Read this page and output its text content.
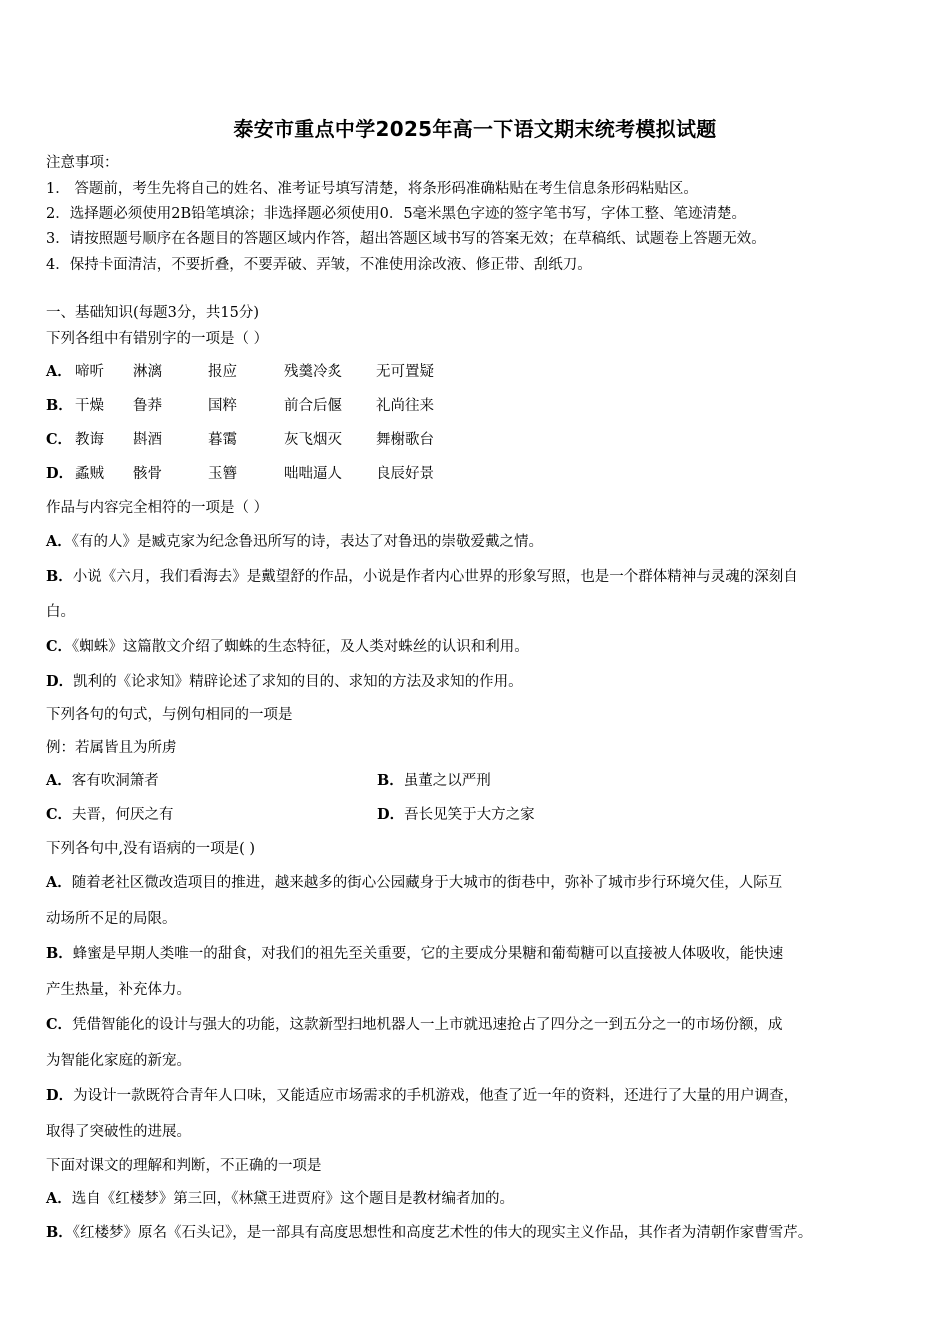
泰安市重点中学2025年高一下语文期末统考模拟试题
注意事项：
1． 答题前，考生先将自己的姓名、准考证号填写清楚，将条形码准确粘贴在考生信息条形码粘贴区。
2．选择题必须使用2B铅笔填涂；非选择题必须使用0．5毫米黑色字迹的签字笔书写，字体工整、笔迹清楚。
3．请按照题号顺序在各题目的答题区域内作答，超出答题区域书写的答案无效；在草稿纸、试题卷上答题无效。
4．保持卡面清洁，不要折叠，不要弄破、弄皱，不准使用涂改液、修正带、刮纸刀。
一、基础知识(每题3分，共15分)
下列各组中有错别字的一项是（ ）
A． 啼听 淋漓	报应	残羹冷炙 无可置疑
B． 干燥 鲁莽	国粹	前合后偃 礼尚往来
C． 教诲 斟酒	暮霭	灰飞烟灭 舞榭歌台
D． 蟊贼 骸骨	玉簪	咄咄逼人 良辰好景
作品与内容完全相符的一项是（ ）
A．《有的人》是臧克家为纪念鲁迅所写的诗，表达了对鲁迅的崇敬爱戴之情。
B．小说《六月，我们看海去》是戴望舒的作品，小说是作者内心世界的形象写照，也是一个群体精神与灵魂的深刻自
白。
C．《蜘蛛》这篇散文介绍了蜘蛛的生态特征，及人类对蛛丝的认识和利用。
D．凯利的《论求知》精辟论述了求知的目的、求知的方法及求知的作用。
下列各句的句式，与例句相同的一项是
例：若属皆且为所虏
A．客有吹洞箫者	B．虽董之以严刑
C．夫晋，何厌之有	D．吾长见笑于大方之家
下列各句中,没有语病的一项是( )
A．随着老社区微改造项目的推进，越来越多的街心公园藏身于大城市的街巷中，弥补了城市步行环境欠佳，人际互
动场所不足的局限。
B．蜂蜜是早期人类唯一的甜食，对我们的祖先至关重要，它的主要成分果糖和葡萄糖可以直接被人体吸收，能快速
产生热量，补充体力。
C．凭借智能化的设计与强大的功能，这款新型扫地机器人一上市就迅速抢占了四分之一到五分之一的市场份额，成
为智能化家庭的新宠。
D．为设计一款既符合青年人口味，又能适应市场需求的手机游戏，他查了近一年的资料，还进行了大量的用户调查，
取得了突破性的进展。
下面对课文的理解和判断，不正确的一项是
A．选自《红楼梦》第三回，《林黛王进贾府》这个题目是教材编者加的。
B．《红楼梦》原名《石头记》，是一部具有高度思想性和高度艺术性的伟大的现实主义作品，其作者为清朝作家曹雪芹。
